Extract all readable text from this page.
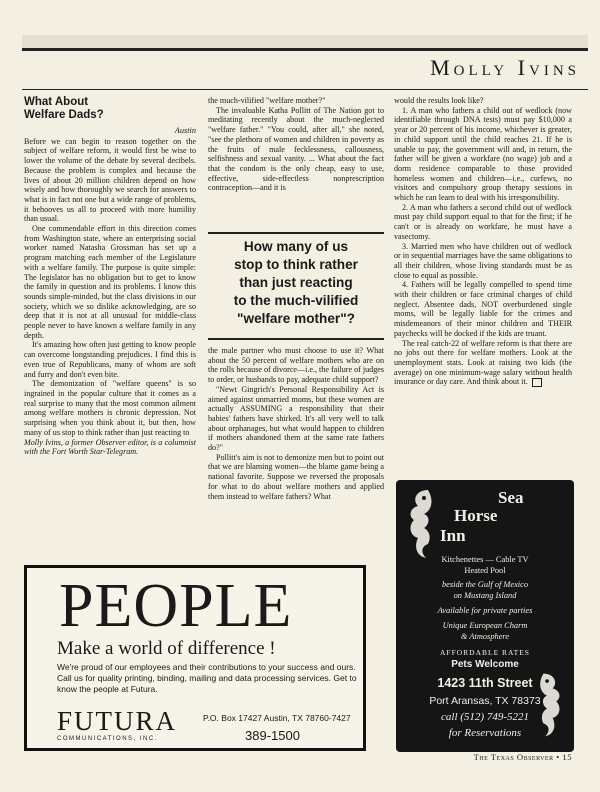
Molly Ivins
What About
Welfare Dads?
Austin

Before we can begin to reason together on the subject of welfare reform, it would first be wise to lower the volume of the debate by several decibels. Because the problem is complex and because the lives of about 20 million children depend on how wisely and how thoroughly we search for answers to what is in fact not one but a wide range of problems, it behooves us all to proceed with more humility than usual.

One commendable effort in this direction comes from Washington state, where an enterprising social worker named Natasha Grossman has set up a program matching each member of the Legislature with a welfare family. The purpose is quite simple: The legislator has no obligation but to get to know the family in question and its problems. I know this sounds simple-minded, but the class divisions in our society, which we so dislike acknowledging, are so deep that it is not at all unusual for middle-class people never to have known a welfare family in any depth.

It's amazing how often just getting to know people can overcome longstanding prejudices. I find this is even true of Republicans, many of whom are soft and furry and don't even bite.

The demonization of "welfare queens" is so ingrained in the popular culture that it comes as a real surprise to many that the most common ailment among welfare mothers is chronic depression. Not surprising when you think about it, but then, how many of us stop to think rather than just reacting to

Molly Ivins, a former Observer editor, is a columnist with the Fort Worth Star-Telegram.

the much-vilified "welfare mother?"

The invaluable Katha Pollitt of The Nation got to meditating recently about the much-neglected "welfare father." "You could, after all," she noted, "see the plethora of women and children in poverty as the fruits of male fecklessness, callousness, selfishness and sexual vanity. ... What about the fact that the condom is the only cheap, easy to use, effective, side-effectless nonprescription contraception—and it is

How many of us
stop to think rather
than just reacting
to the much-vilified
"welfare mother"?

the male partner who must choose to use it? What about the 50 percent of welfare mothers who are on the rolls because of divorce—i.e., the failure of judges to order, or husbands to pay, adequate child support?

"Newt Gingrich's Personal Responsibility Act is aimed against unmarried moms, but these women are actually ASSUMING a responsibility that their babies' fathers have shirked. It's all very well to talk about orphanages, but what would happen to children if mothers abandoned them at the same rate fathers do?"

Pollitt's aim is not to demonize men but to point out that we are blaming women—the blame game being a national favorite. Suppose we reversed the proposals for what to do about welfare mothers and applied them instead to welfare fathers? What

would the results look like?

1. A man who fathers a child out of wedlock (now identifiable through DNA tests) must pay $10,000 a year or 20 percent of his income, whichever is greater, in child support until the child reaches 21. If he is unable to pay, the government will and, in return, the father will be given a workfare (no wage) job and a dorm residence comparable to those provided homeless women and children—i.e., curfews, no visitors and compulsory group therapy sessions in which he can learn to deal with his irresponsibility.

2. A man who fathers a second child out of wedlock must pay child support equal to that for the first; if he can't or is already on workfare, he must have a vasectomy.

3. Married men who have children out of wedlock or in sequential marriages have the same obligations to all their children, whose living standards must be as close to equal as possible.

4. Fathers will be legally compelled to spend time with their children or face criminal charges of child neglect. Absentee dads, NOT overburdened single moms, will be legally liable for the crimes and misdemeanors of their minor children and THEIR paychecks will be docked if the kids are truant.

The real catch-22 of welfare reform is that there are no jobs out there for welfare mothers. Look at the unemployment stats. Look at raising two kids (the average) on one minimum-wage salary without health insurance or day care. And think about it.

PEOPLE
Make a world of difference !
We're proud of our employees and their contributions to your success and ours. Call us for quality printing, binding, mailing and data processing services. Get to know the people at Futura.
FUTURA
COMMUNICATIONS, INC.
P.O. Box 17427 Austin, TX 78760-7427
389-1500
Sea
Horse
Inn
Kitchenettes — Cable TV
Heated Pool
beside the Gulf of Mexico
on Mustang Island
Available for private parties
Unique European Charm
& Atmosphere
AFFORDABLE RATES
Pets Welcome
1423 11th Street
Port Aransas, TX 78373
call (512) 749-5221
for Reservations
The Texas Observer • 15
